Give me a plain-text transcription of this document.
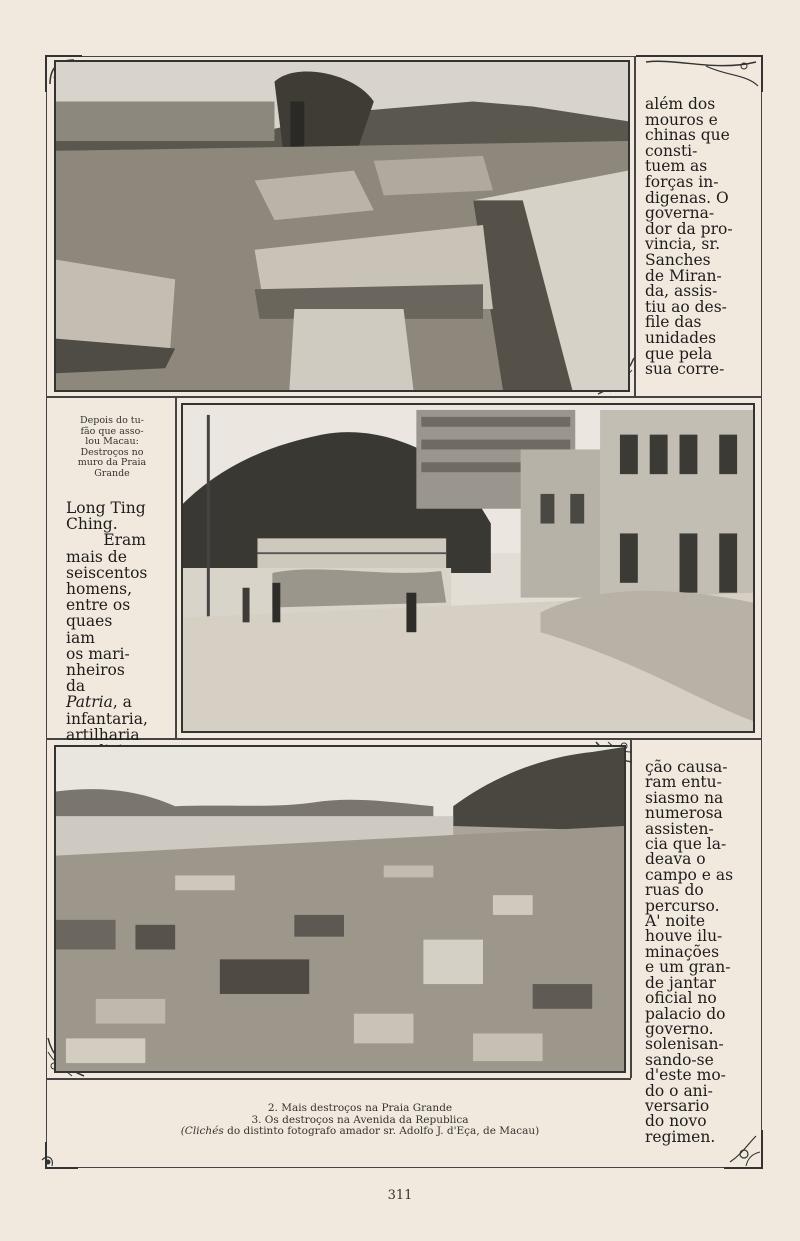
além dos

mouros e

chinas que

consti-

tuem as

forças in-

digenas. O

governa-

dor da pro-

vincia, sr.

Sanches

de Miran-

da, assis-

tiu ao des-

file das

unidades

que pela

sua corre-

Depois do tu-
fão que asso-
lou Macau:
Destroços no
muro da Praia
Grande

Long Ting

Ching.

Eram

mais de

seiscentos

homens,

entre os

quaes iam

os mari-

nheiros da

Patria, a

infantaria,

artilharia

ção causa-

ram entu-

siasmo na

numerosa

assisten-

cia que la-

deava o

campo e as

ruas do

percurso.

A' noite

houve ilu-

minações

e um gran-

de jantar

oficial no

palacio do

governo.

solenisan-

sando-se

d'este mo-

do o ani-

versario

do novo

regimen.

2. Mais destroços na Praia Grande
3. Os destroços na Avenida da Republica
(Clichés do distinto fotografo amador sr. Adolfo J. d'Eça, de Macau)
311
